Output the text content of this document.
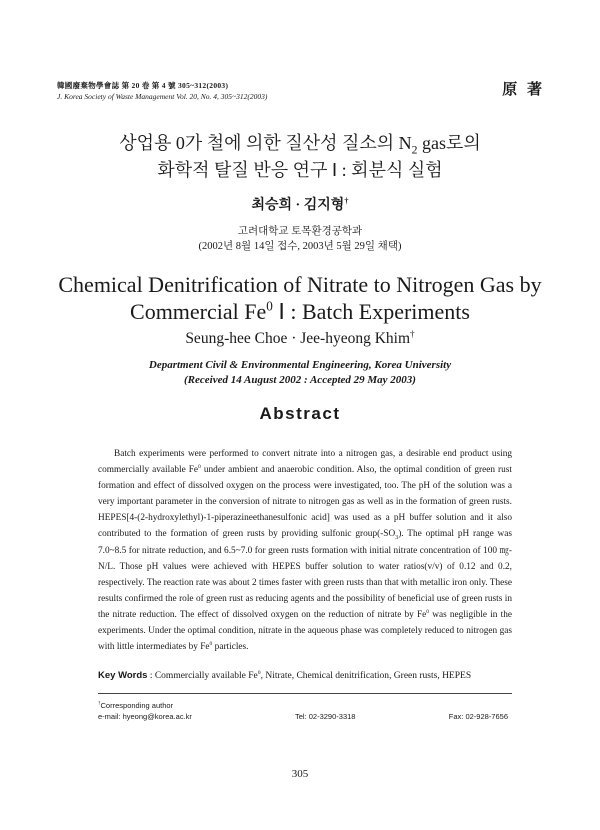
韓國廢棄物學會誌 第 20 卷 第 4 號 305~312(2003)
J. Korea Society of Waste Management Vol. 20, No. 4, 305~312(2003)	原 著
상업용 0가 철에 의한 질산성 질소의 $N_2$ gas로의
화학적 탈질 반응 연구 Ⅰ : 회분식 실험
최승희 · 김지형†
고려대학교 토목환경공학과
(2002년 8월 14일 접수, 2003년 5월 29일 채택)
Chemical Denitrification of Nitrate to Nitrogen Gas by
Commercial Fe$^0$ Ⅰ : Batch Experiments
Seung-hee Choe · Jee-hyeong Khim†
Department Civil & Environmental Engineering, Korea University
(Received 14 August 2002 : Accepted 29 May 2003)
Abstract

Batch experiments were performed to convert nitrate into a nitrogen gas, a desirable end product using commercially available Fe$^0$ under ambient and anaerobic condition. Also, the optimal condition of green rust formation and effect of dissolved oxygen on the process were investigated, too. The pH of the solution was a very important parameter in the conversion of nitrate to nitrogen gas as well as in the formation of green rusts. HEPES[4-(2-hydroxylethyl)-1-piperazineethanesulfonic acid] was used as a pH buffer solution and it also contributed to the formation of green rusts by providing sulfonic $group(-SO_3)$. The optimal pH range was 7.0~8.5 for nitrate reduction, and 6.5~7.0 for green rusts formation with initial nitrate concentration of 100 ㎎-N/L. Those pH values were achieved with HEPES buffer solution to water ratios(v/v) of 0.12 and 0.2, respectively. The reaction rate was about 2 times faster with green rusts than that with metallic iron only. These results confirmed the role of green rust as reducing agents and the possibility of beneficial use of green rusts in the nitrate reduction. The effect of dissolved oxygen on the reduction of nitrate by Fe$^0$ was negligible in the experiments. Under the optimal condition, nitrate in the aqueous phase was completely reduced to nitrogen gas with little intermediates by Fe$^0$ particles.

Key Words : Commercially available Fe$^0$, Nitrate, Chemical denitrification, Green rusts, HEPES
†Corresponding author
e-mail: hyeong@korea.ac.kr	Tel: 02-3290-3318	Fax: 02-928-7656
305
